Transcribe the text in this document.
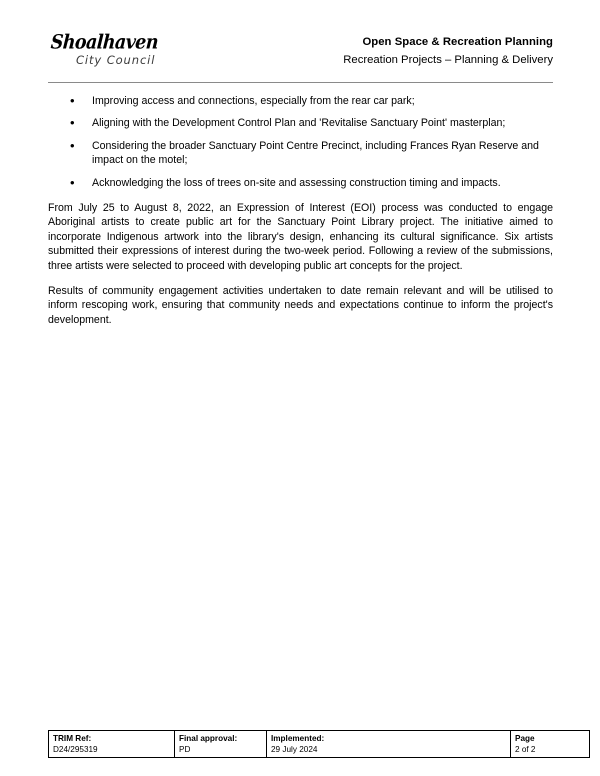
Shoalhaven
City Council
Open Space & Recreation Planning
Recreation Projects – Planning & Delivery
• Improving access and connections, especially from the rear car park;
• Aligning with the Development Control Plan and 'Revitalise Sanctuary Point' masterplan;
• Considering the broader Sanctuary Point Centre Precinct, including Frances Ryan Reserve and impact on the motel;
• Acknowledging the loss of trees on-site and assessing construction timing and impacts.

From July 25 to August 8, 2022, an Expression of Interest (EOI) process was conducted to engage Aboriginal artists to create public art for the Sanctuary Point Library project. The initiative aimed to incorporate Indigenous artwork into the library's design, enhancing its cultural significance. Six artists submitted their expressions of interest during the two-week period. Following a review of the submissions, three artists were selected to proceed with developing public art concepts for the project.

Results of community engagement activities undertaken to date remain relevant and will be utilised to inform rescoping work, ensuring that community needs and expectations continue to inform the project's development.

TRIM Ref:	Final approval:	Implemented:	Page
D24/295319	PD	29 July 2024	2 of 2
